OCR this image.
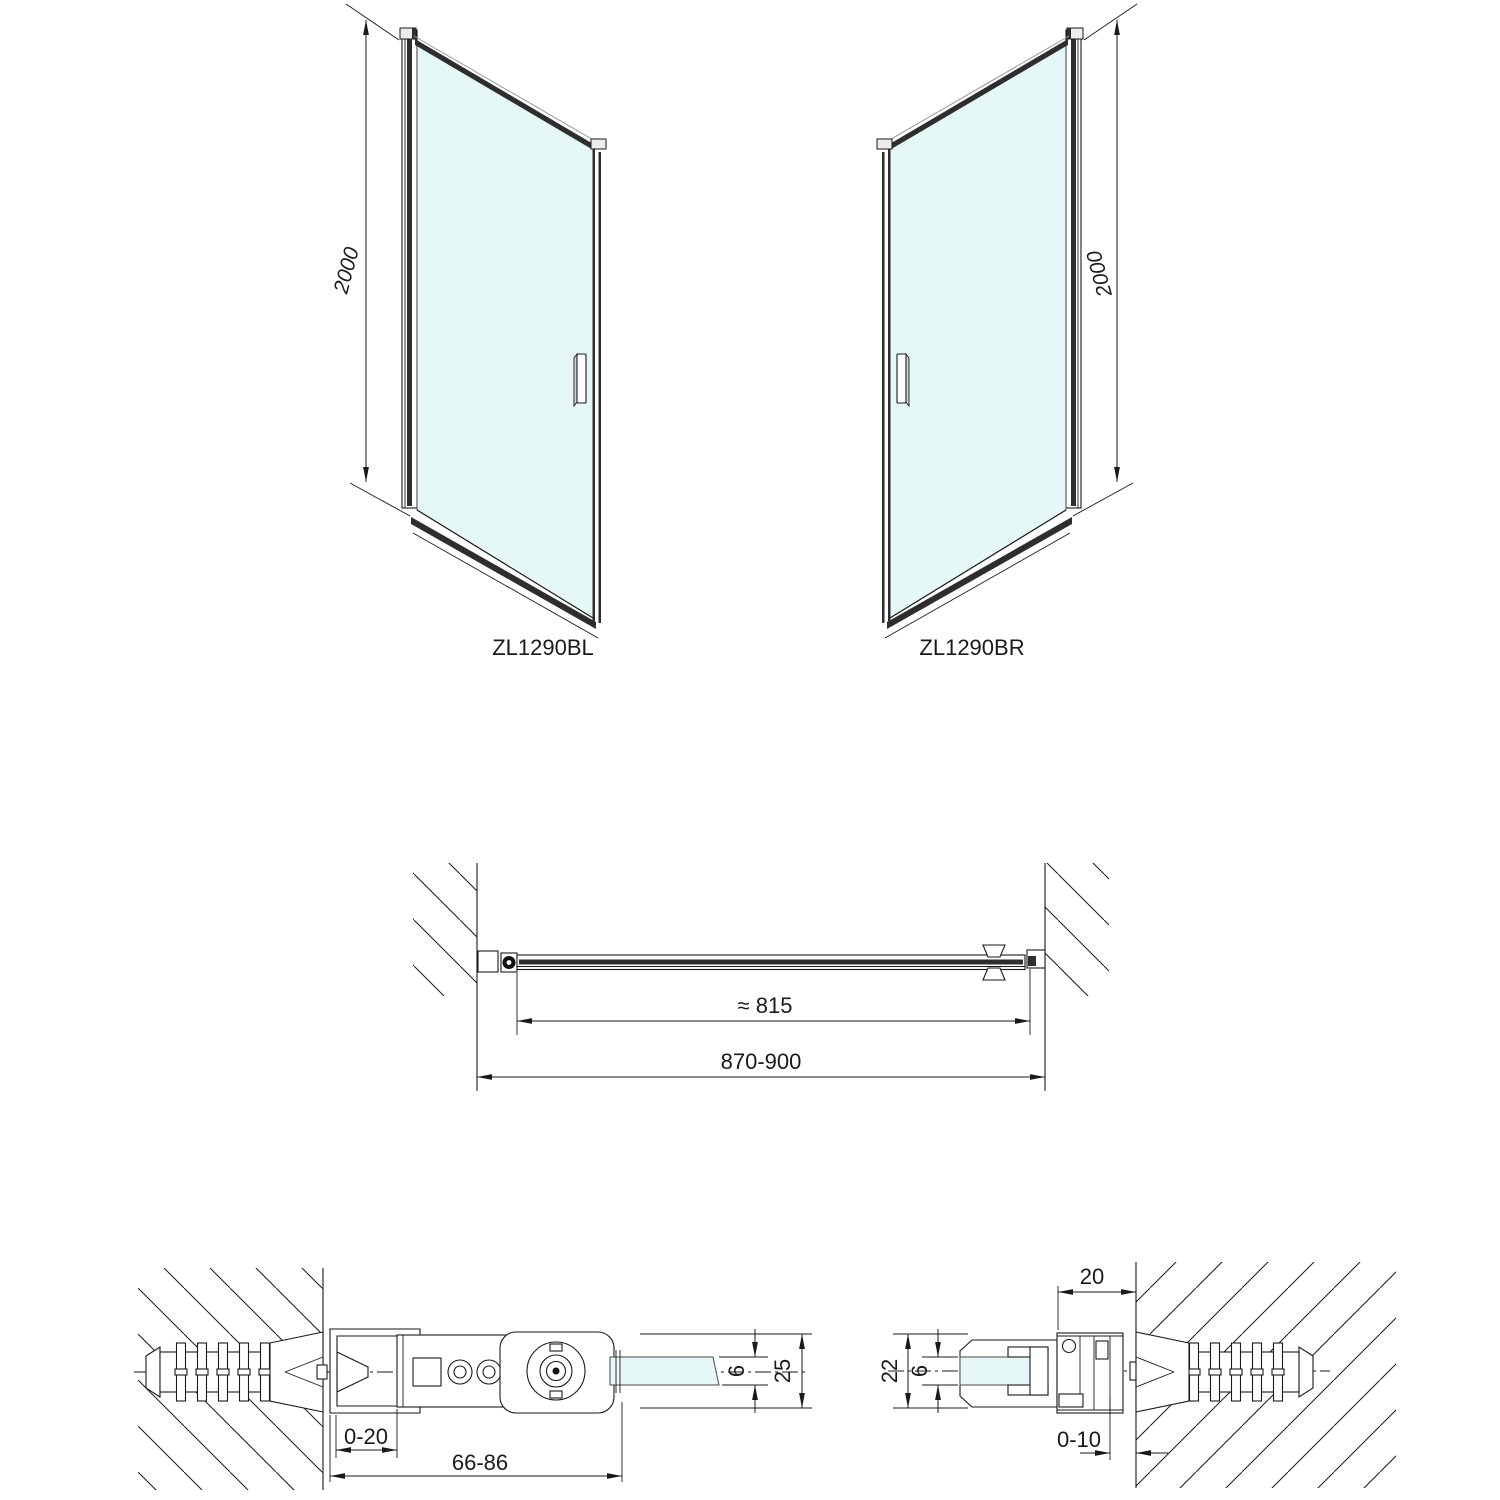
2000
ZL1290BL
2000
ZL1290BR
≈ 815
870-900
0-20
66-86
6 25	22 6
20
0-10
